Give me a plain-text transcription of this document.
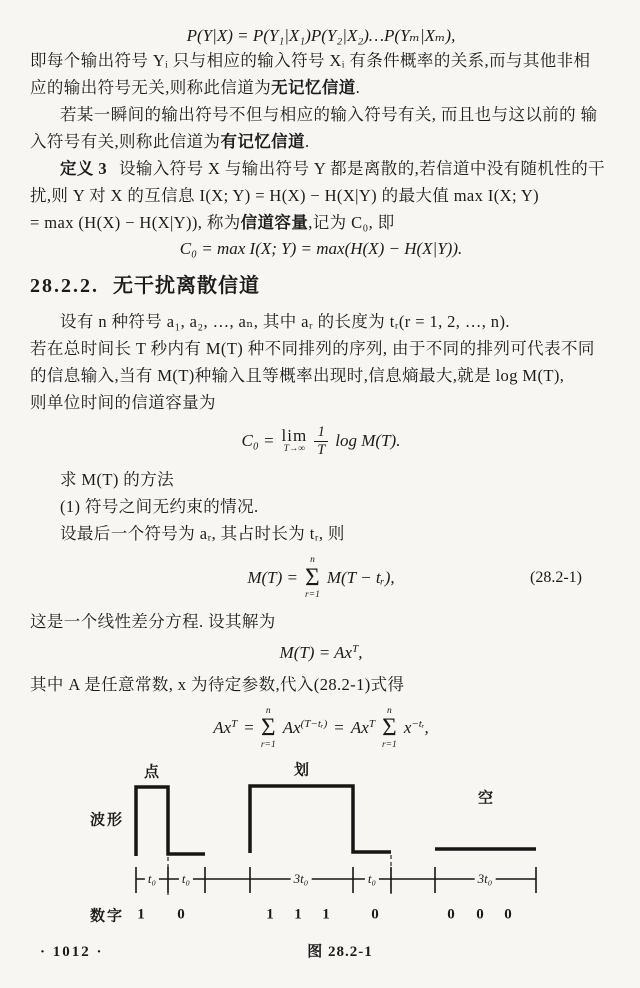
P(Y|X) = P(Y₁|X₁)P(Y₂|X₂)…P(Yₘ|Xₘ),
即每个输出符号 Yᵢ 只与相应的输入符号 Xᵢ 有条件概率的关系,而与其他非相
应的输出符号无关,则称此信道为无记忆信道.
若某一瞬间的输出符号不但与相应的输入符号有关, 而且也与这以前的 输
入符号有关,则称此信道为有记忆信道.
定义 3 设输入符号 X 与输出符号 Y 都是离散的,若信道中没有随机性的干
扰,则 Y 对 X 的互信息 I(X; Y) = H(X) − H(X|Y) 的最大值 max I(X; Y)
= max (H(X) − H(X|Y)), 称为信道容量,记为 C₀, 即
C₀ = max I(X; Y) = max(H(X) − H(X|Y)).
28.2.2. 无干扰离散信道
设有 n 种符号 a₁, a₂, …, aₙ, 其中 aᵣ 的长度为 tᵣ(r = 1, 2, …, n).
若在总时间长 T 秒内有 M(T) 种不同排列的序列, 由于不同的排列可代表不同
的信息输入,当有 M(T)种输入且等概率出现时,信息熵最大,就是 log M(T),
则单位时间的信道容量为
C₀ = lim
$T\to\infty \frac{1}{T}$ log M(T).
求 M(T) 的方法
(1) 符号之间无约束的情况.
设最后一个符号为 aᵣ, 其占时长为 tᵣ, 则
M(T) =
n
Σ
r=1
M(T − tᵣ),	(28.2-1)
这是一个线性差分方程. 设其解为
$M(T) = Ax^T$,
其中 A 是任意常数, x 为待定参数,代入(28.2-1)式得
$Ax^T$ =
n
Σ
r=1
$Ax^{(T-tᵣ)} = Ax^T$
n
Σ
r=1
$x^{-tᵣ}$,
点	划
空
波形
数字
t₀ t₀	3t₀	t₀	3t₀
1 0	1 1 1	0	0 0 0
图 28.2-1
· 1012 ·
